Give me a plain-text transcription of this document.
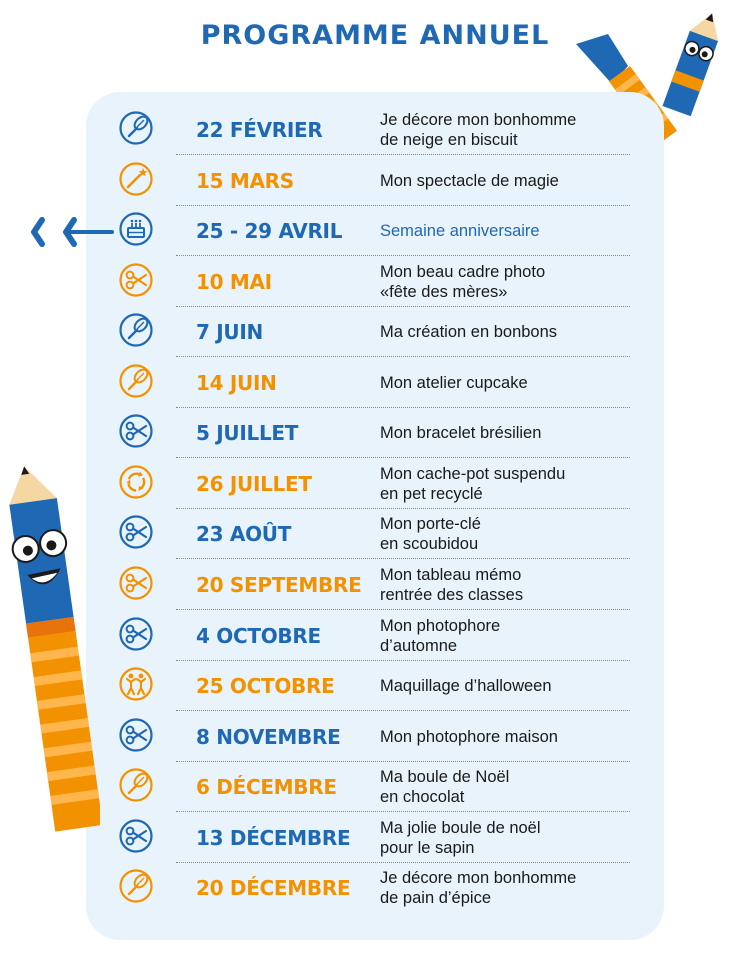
PROGRAMME ANNUEL
22 FÉVRIER	Je décore mon bonhomme
de neige en biscuit
15 MARS	Mon spectacle de magie
25 - 29 AVRIL Semaine anniversaire
10 MAI	Mon beau cadre photo
«fête des mères»
7 JUIN	Ma création en bonbons
14 JUIN	Mon atelier cupcake
5 JUILLET	Mon bracelet brésilien
26 JUILLET	Mon cache-pot suspendu
en pet recyclé
23 AOÛT	Mon porte-clé
en scoubidou
20 SEPTEMBRE Mon tableau mémo
rentrée des classes
4 OCTOBRE	Mon photophore
d’automne
25 OCTOBRE	Maquillage d’halloween
8 NOVEMBRE Mon photophore maison
6 DÉCEMBRE	Ma boule de Noël
en chocolat
13 DÉCEMBRE Ma jolie boule de noël
pour le sapin
20 DÉCEMBRE Je décore mon bonhomme
de pain d’épice
